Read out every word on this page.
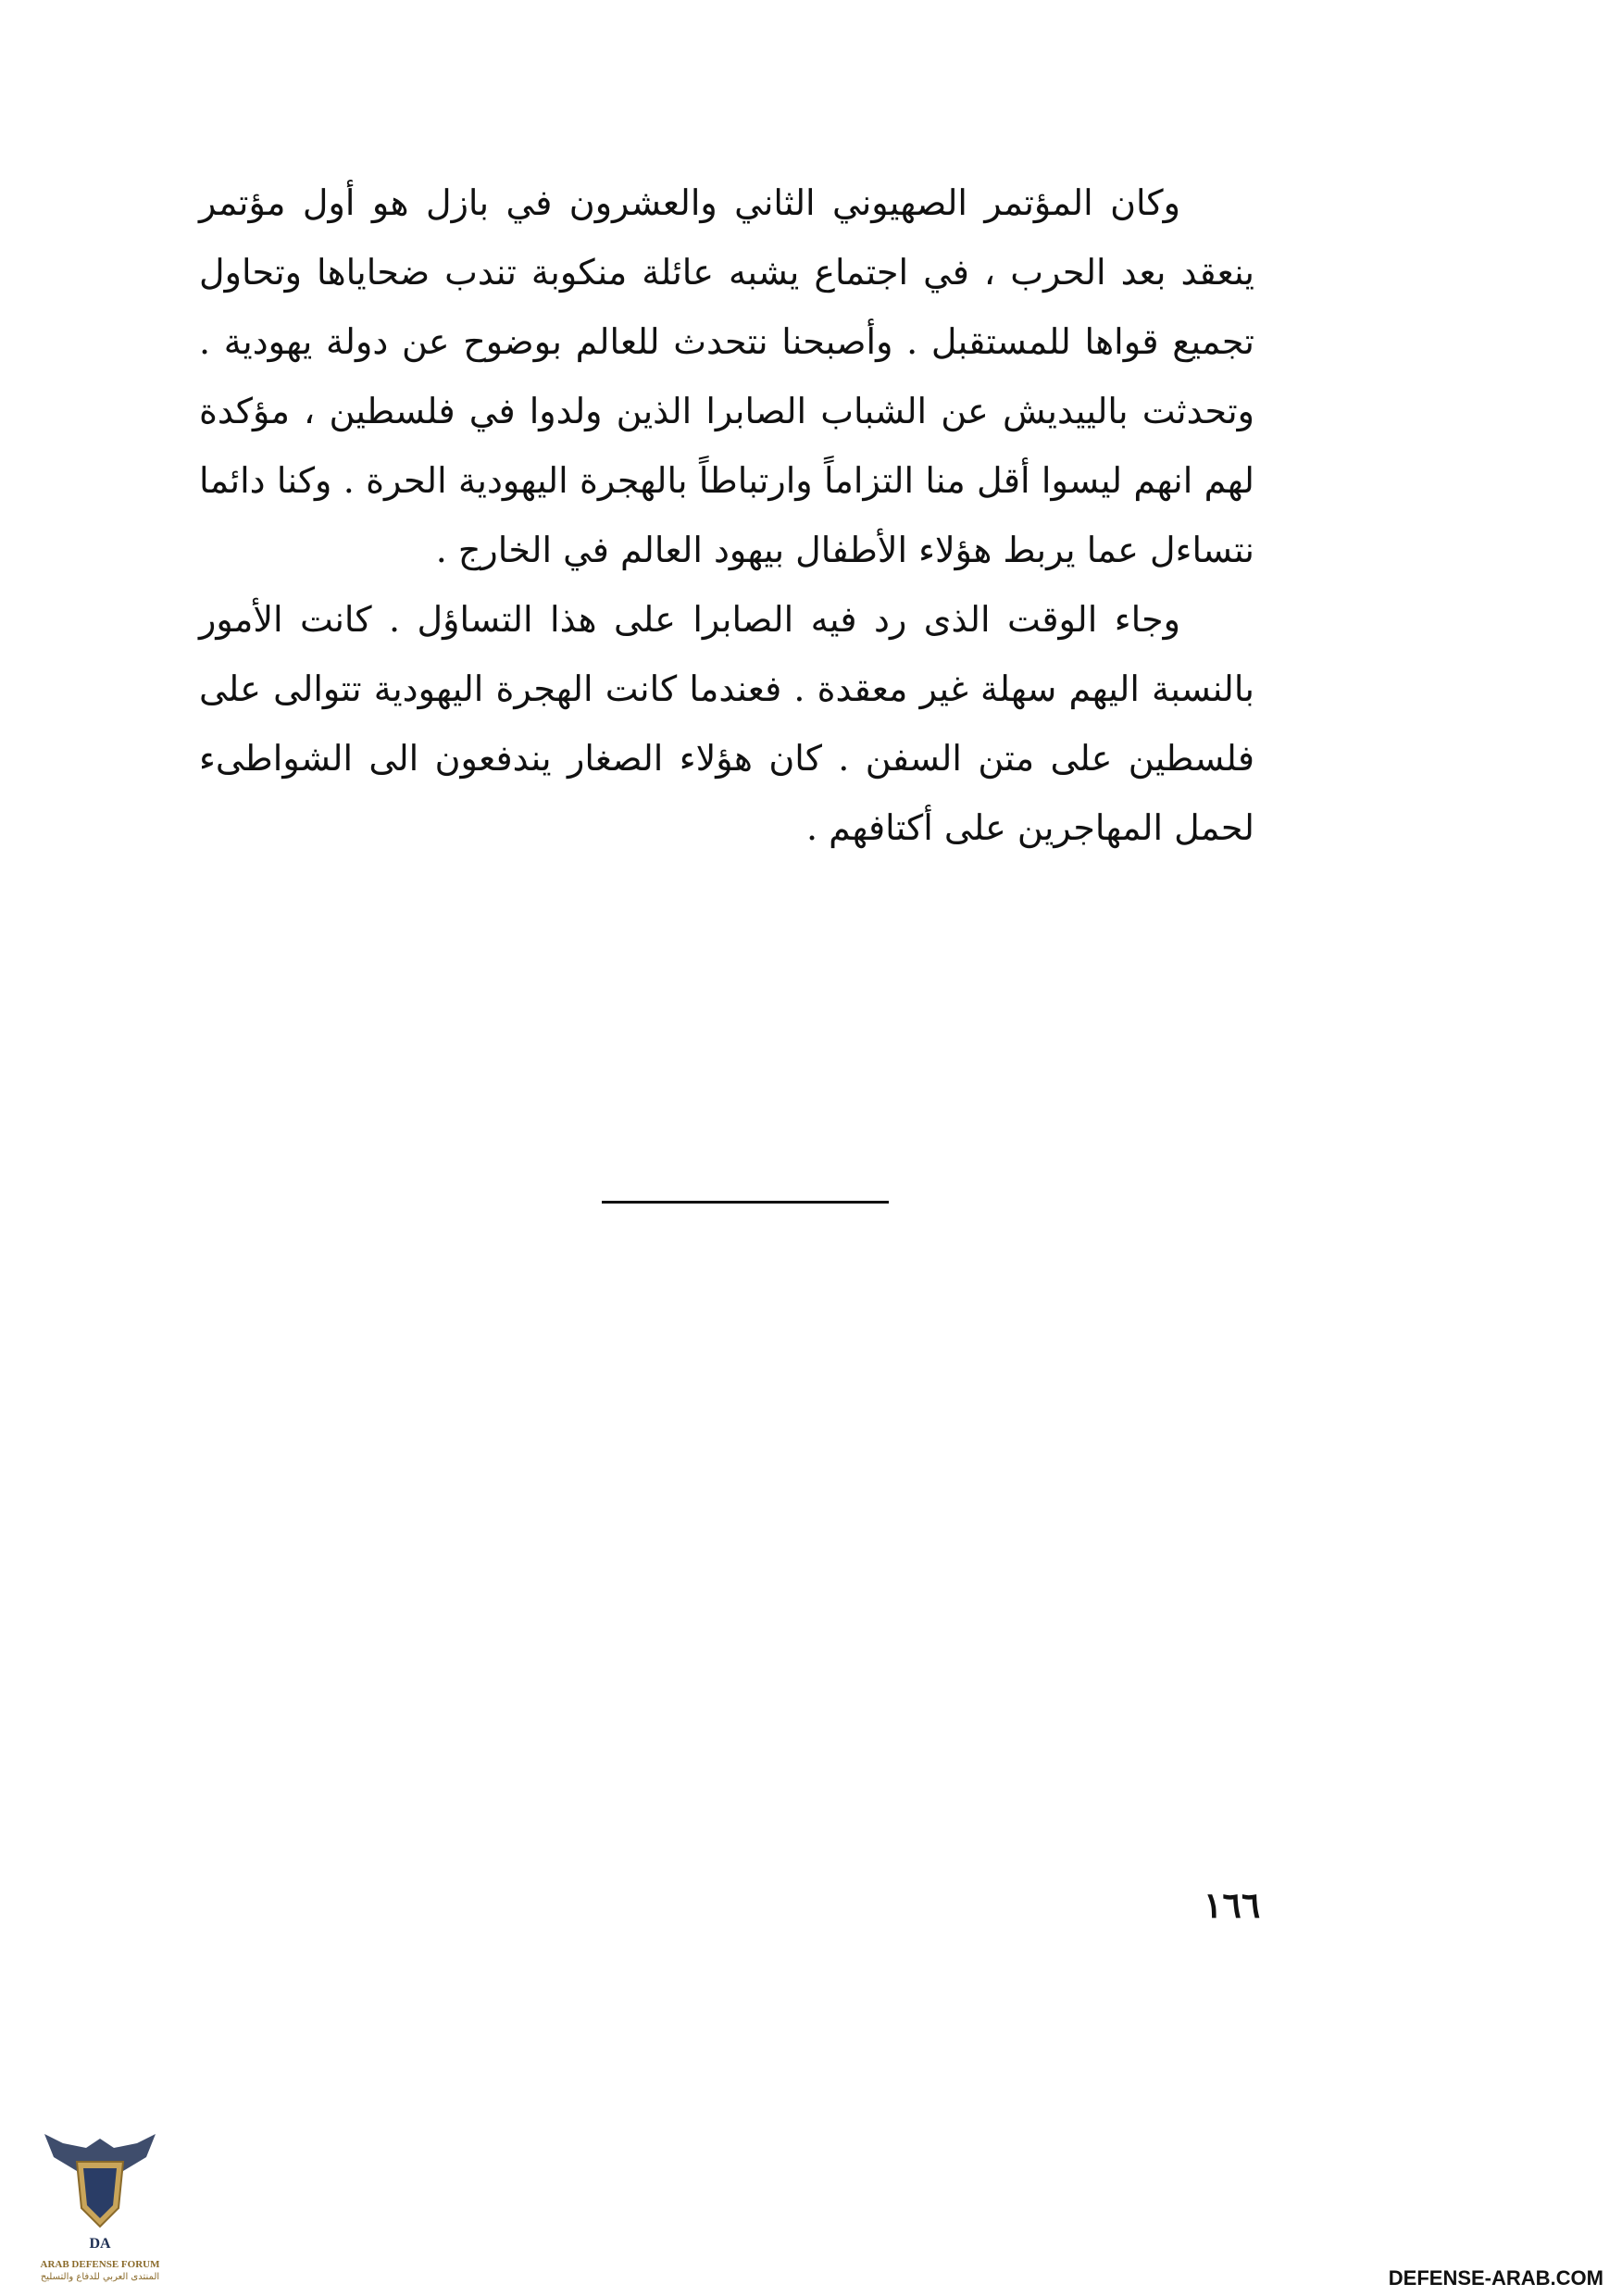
وكان المؤتمر الصهيوني الثاني والعشرون في بازل هو أول مؤتمر ينعقد بعد الحرب ، في اجتماع يشبه عائلة منكوبة تندب ضحاياها وتحاول تجميع قواها للمستقبل . وأصبحنا نتحدث للعالم بوضوح عن دولة يهودية . وتحدثت بالييديش عن الشباب الصابرا الذين ولدوا في فلسطين ، مؤكدة لهم انهم ليسوا أقل منا التزاماً وارتباطاً بالهجرة اليهودية الحرة . وكنا دائما نتساءل عما يربط هؤلاء الأطفال بيهود العالم في الخارج .

وجاء الوقت الذى رد فيه الصابرا على هذا التساؤل . كانت الأمور بالنسبة اليهم سهلة غير معقدة . فعندما كانت الهجرة اليهودية تتوالى على فلسطين على متن السفن . كان هؤلاء الصغار يندفعون الى الشواطىء لحمل المهاجرين على أكتافهم .

١٦٦
DA
ARAB DEFENSE FORUM
المنتدى العربي للدفاع والتسليح	DEFENSE-ARAB.COM
